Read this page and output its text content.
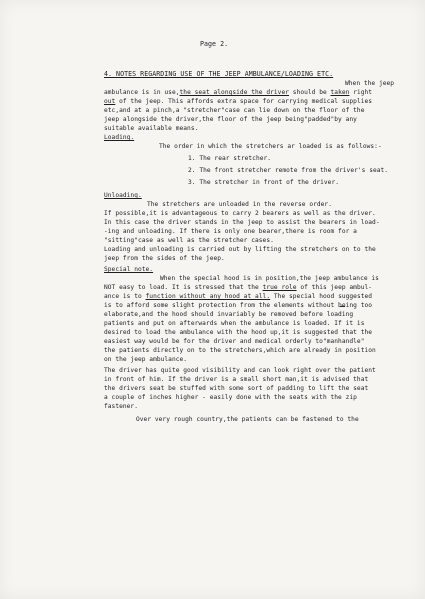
Page 2.
4. NOTES REGARDING USE OF THE JEEP AMBULANCE/LOADING ETC.
When the jeep
ambulance is in use,the seat alongside the driver should be taken right
out of the jeep. This affords extra space for carrying medical supplies
etc,and at a pinch,a "stretcher"case can lie down on the floor of the
jeep alongside the driver,the floor of the jeep being"padded"by any
suitable available means.
Loading.
The order in which the stretchers ar loaded is as follows:-
1. The rear stretcher.
2. The front stretcher remote from the driver's seat.
3. The stretcher in front of the driver.
Unloading.
The stretchers are unloaded in the reverse order.
If possible,it is advantageous to carry 2 bearers as well as the driver.
In this case the driver stands in the jeep to assist the bearers in load-
-ing and unloading. If there is only one bearer,there is room for a
"sitting"case as well as the stretcher cases.
Loading and unloading is carried out by lifting the stretchers on to the
jeep from the sides of the jeep.
Special note.
When the special hood is in position,the jeep ambulance is
NOT easy to load. It is stressed that the true role of this jeep ambul-
ance is to function without any hood at all. The special hood suggested
is to afford some slight protection from the elements without being too
elaborate,and the hood should invariably be removed before loading
patients and put on afterwards when the ambulance is loaded. If it is
desired to load the ambulance with the hood up,it is suggested that the
easiest way would be for the driver and medical orderly to"manhandle"
the patients directly on to the stretchers,which are already in position
on the jeep ambulance.
The driver has quite good visibility and can look right over the patient
in front of him. If the driver is a small short man,it is advised that
the drivers seat be stuffed with some sort of padding to lift the seat
a couple of inches higher - easily done with the seats with the zip
fastener.
Over very rough country,the patients can be fastened to the
